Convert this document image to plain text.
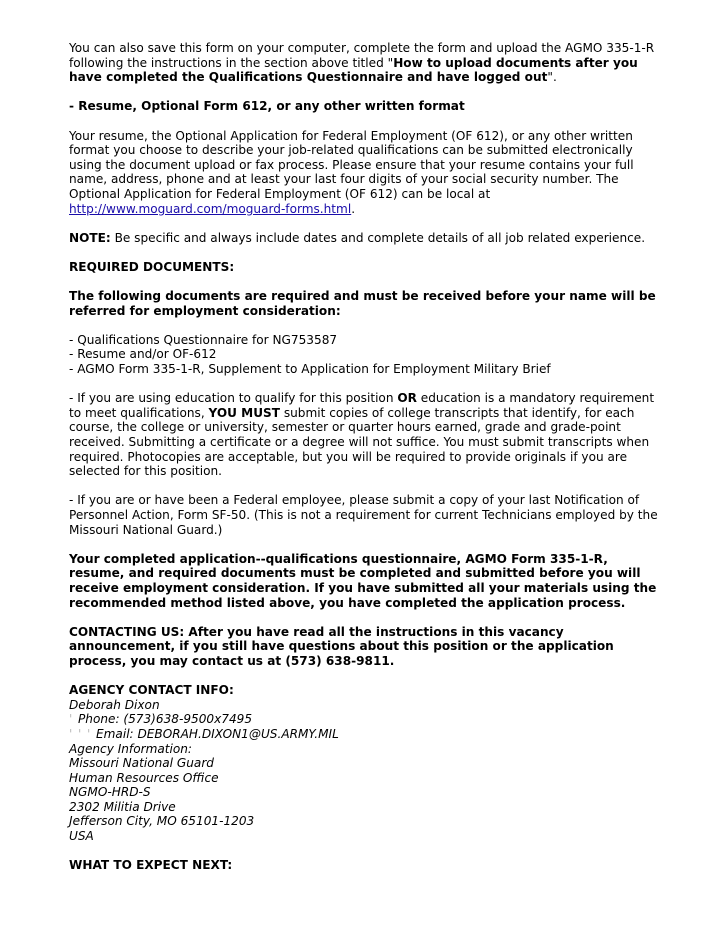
You can also save this form on your computer, complete the form and upload the AGMO 335-1-R following the instructions in the section above titled "How to upload documents after you have completed the Qualifications Questionnaire and have logged out".

- Resume, Optional Form 612, or any other written format

Your resume, the Optional Application for Federal Employment (OF 612), or any other written format you choose to describe your job-related qualifications can be submitted electronically using the document upload or fax process. Please ensure that your resume contains your full name, address, phone and at least your last four digits of your social security number. The Optional Application for Federal Employment (OF 612) can be local at http://www.moguard.com/moguard-forms.html.

NOTE: Be specific and always include dates and complete details of all job related experience.

REQUIRED DOCUMENTS:

The following documents are required and must be received before your name will be referred for employment consideration:

- Qualifications Questionnaire for NG753587
- Resume and/or OF-612
- AGMO Form 335-1-R, Supplement to Application for Employment Military Brief

- If you are using education to qualify for this position OR education is a mandatory requirement to meet qualifications, YOU MUST submit copies of college transcripts that identify, for each course, the college or university, semester or quarter hours earned, grade and grade-point received. Submitting a certificate or a degree will not suffice. You must submit transcripts when required. Photocopies are acceptable, but you will be required to provide originals if you are selected for this position.

- If you are or have been a Federal employee, please submit a copy of your last Notification of Personnel Action, Form SF-50. (This is not a requirement for current Technicians employed by the Missouri National Guard.)

Your completed application--qualifications questionnaire, AGMO Form 335-1-R, resume, and required documents must be completed and submitted before you will receive employment consideration. If you have submitted all your materials using the recommended method listed above, you have completed the application process.

CONTACTING US: After you have read all the instructions in this vacancy announcement, if you still have questions about this position or the application process, you may contact us at (573) 638-9811.

AGENCY CONTACT INFO:
Deborah Dixon
' Phone: (573)638-9500x7495
' ' ' Email: DEBORAH.DIXON1@US.ARMY.MIL
Agency Information:
Missouri National Guard
Human Resources Office
NGMO-HRD-S
2302 Militia Drive
Jefferson City, MO 65101-1203
USA

WHAT TO EXPECT NEXT:
